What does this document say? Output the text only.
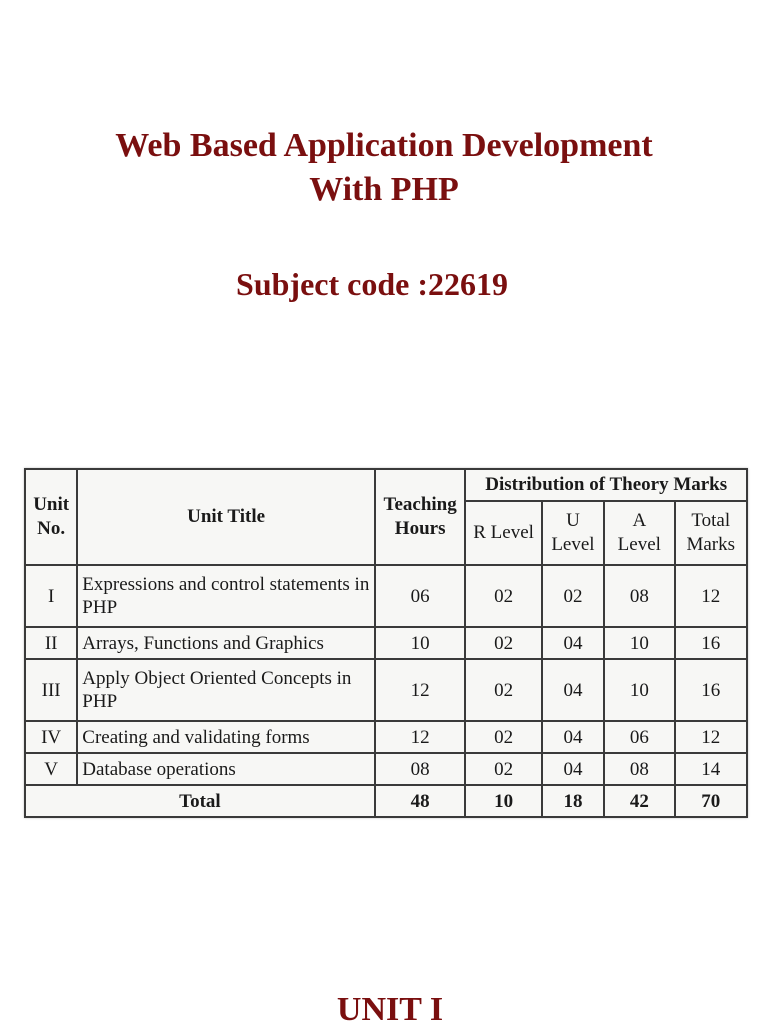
Web Based Application Development

With PHP

Subject code :22619

Unit No.	Unit Title	Teaching Hours	Distribution of Theory Marks			
			R Level	U Level	A Level	Total Marks
I	Expressions and control statements in PHP	06	02	02	08	12
II	Arrays, Functions and Graphics	10	02	04	10	16
III	Apply Object Oriented Concepts in PHP	12	02	04	10	16
IV	Creating and validating forms	12	02	04	06	12
V	Database operations	08	02	04	08	14
Total		48	10	18	42	70

UNIT I
